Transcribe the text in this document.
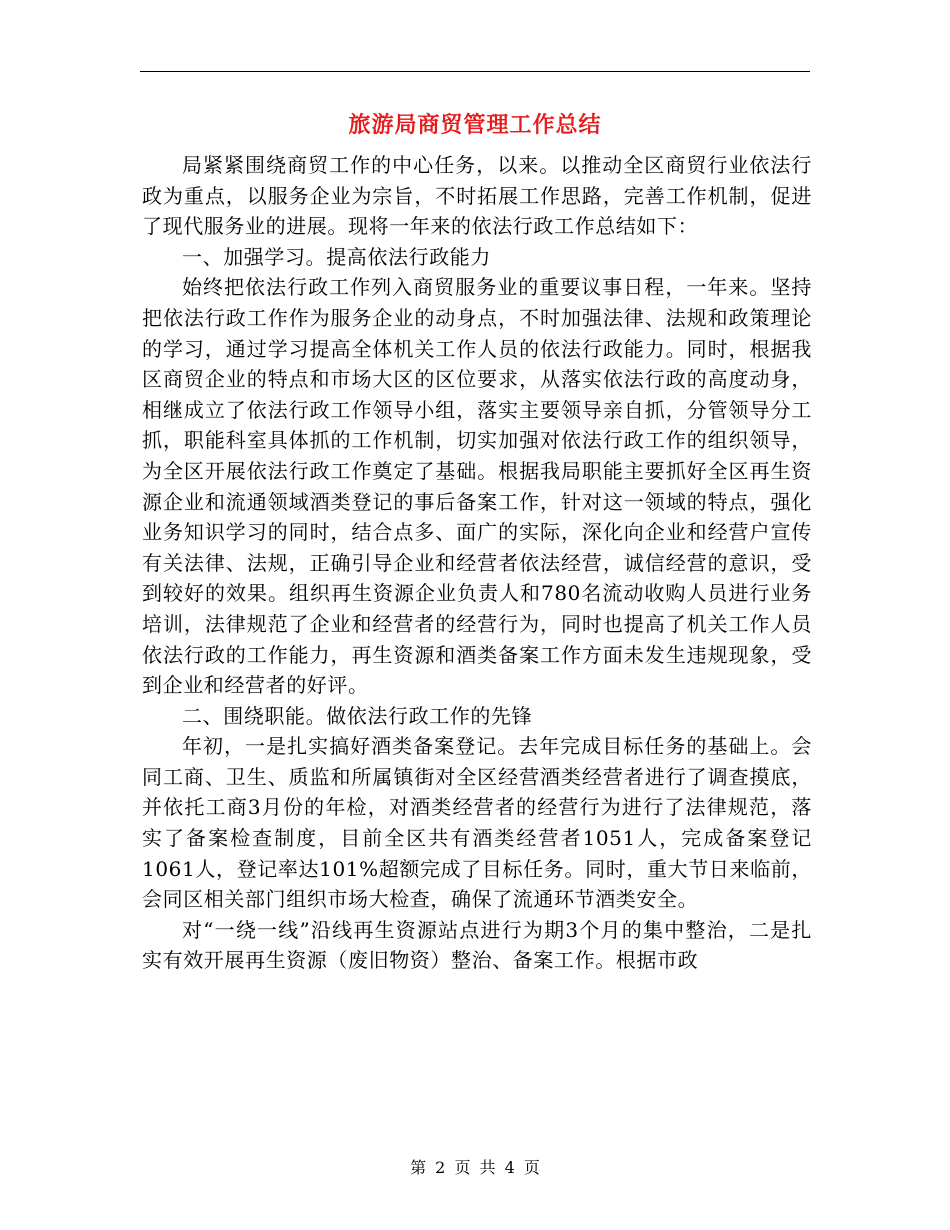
旅游局商贸管理工作总结

局紧紧围绕商贸工作的中心任务，以来。以推动全区商贸行业依法行政为重点，以服务企业为宗旨，不时拓展工作思路，完善工作机制，促进了现代服务业的进展。现将一年来的依法行政工作总结如下：

一、加强学习。提高依法行政能力

始终把依法行政工作列入商贸服务业的重要议事日程，一年来。坚持把依法行政工作作为服务企业的动身点，不时加强法律、法规和政策理论的学习，通过学习提高全体机关工作人员的依法行政能力。同时，根据我区商贸企业的特点和市场大区的区位要求，从落实依法行政的高度动身，相继成立了依法行政工作领导小组，落实主要领导亲自抓，分管领导分工抓，职能科室具体抓的工作机制，切实加强对依法行政工作的组织领导，为全区开展依法行政工作奠定了基础。根据我局职能主要抓好全区再生资源企业和流通领域酒类登记的事后备案工作，针对这一领域的特点，强化业务知识学习的同时，结合点多、面广的实际，深化向企业和经营户宣传有关法律、法规，正确引导企业和经营者依法经营，诚信经营的意识，受到较好的效果。组织再生资源企业负责人和780名流动收购人员进行业务培训，法律规范了企业和经营者的经营行为，同时也提高了机关工作人员依法行政的工作能力，再生资源和酒类备案工作方面未发生违规现象，受到企业和经营者的好评。

二、围绕职能。做依法行政工作的先锋

年初，一是扎实搞好酒类备案登记。去年完成目标任务的基础上。会同工商、卫生、质监和所属镇街对全区经营酒类经营者进行了调查摸底，并依托工商3月份的年检，对酒类经营者的经营行为进行了法律规范，落实了备案检查制度，目前全区共有酒类经营者1051人，完成备案登记1061人，登记率达101%超额完成了目标任务。同时，重大节日来临前，会同区相关部门组织市场大检查，确保了流通环节酒类安全。

对“一绕一线”沿线再生资源站点进行为期3个月的集中整治，二是扎实有效开展再生资源（废旧物资）整治、备案工作。根据市政

第 2 页 共 4 页
